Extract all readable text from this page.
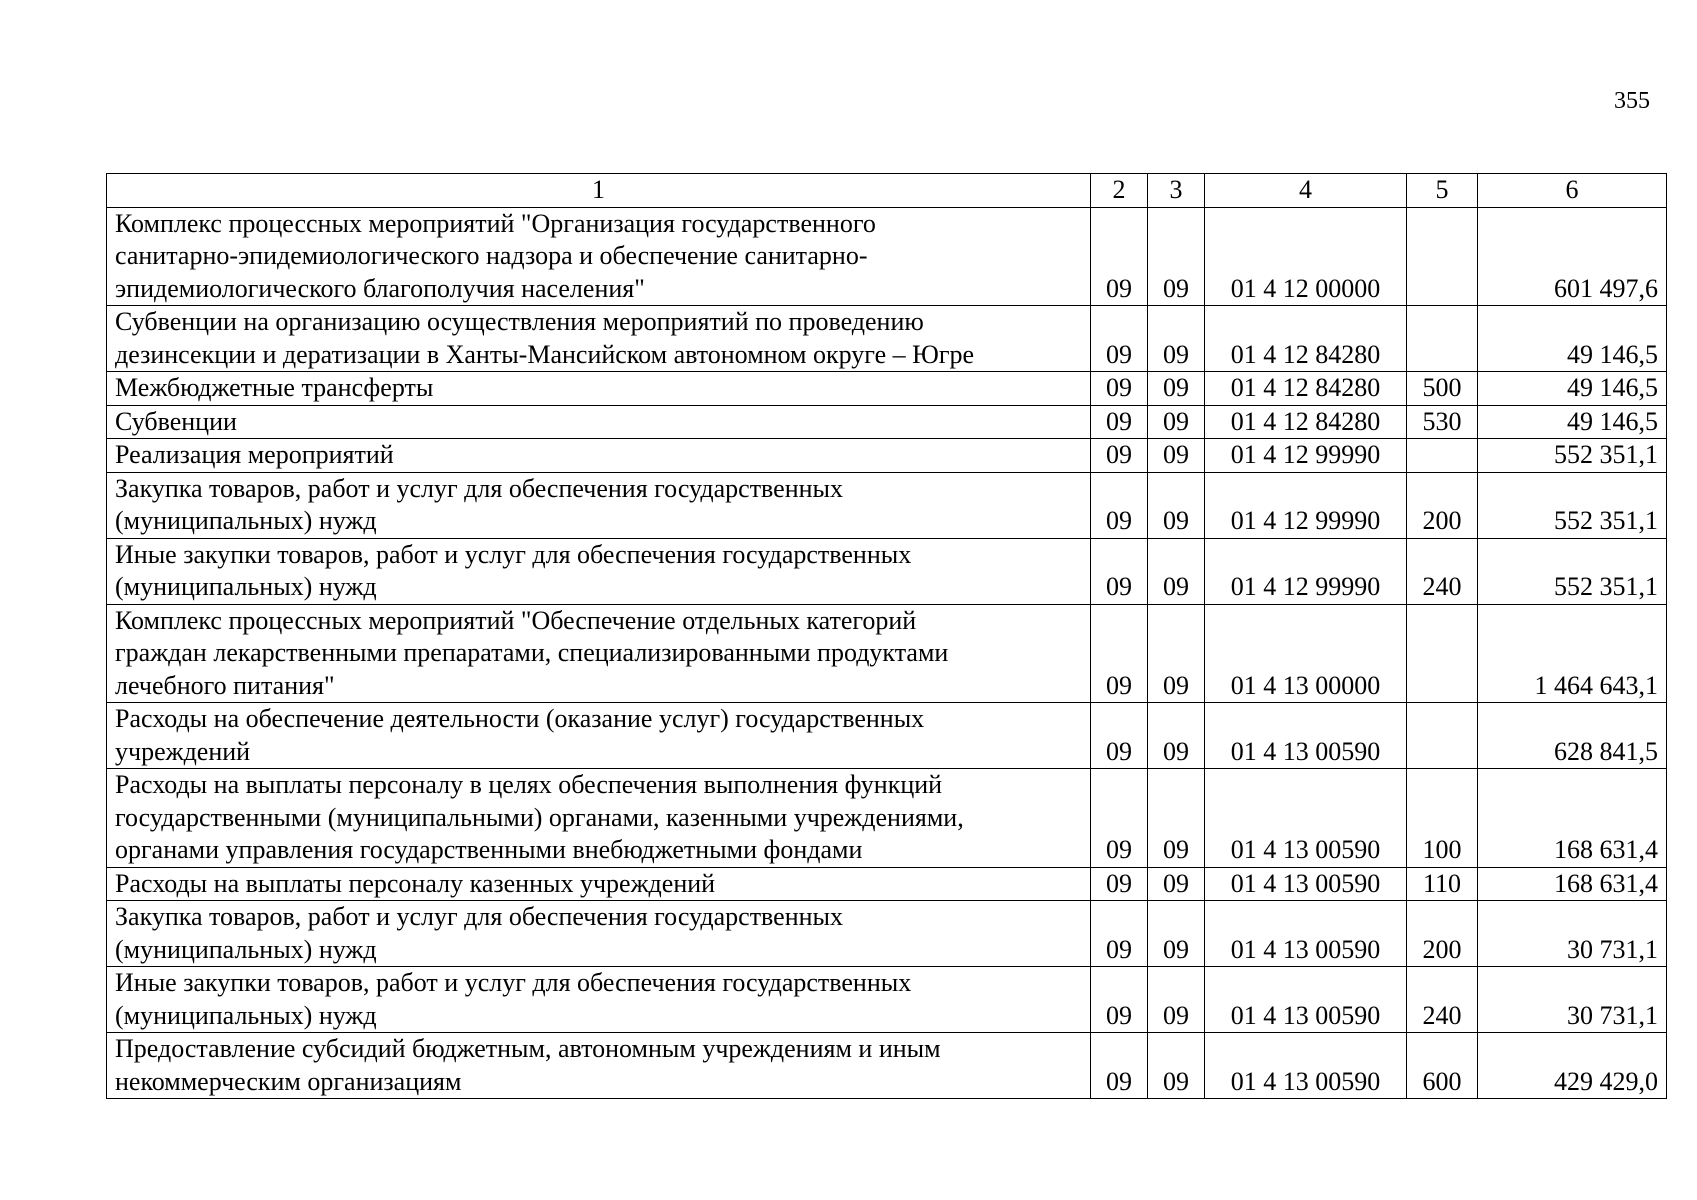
355
1	2	3	4	5	6

Комплекс процессных мероприятий "Организация государственного
санитарно-эпидемиологического надзора и обеспечение санитарно-
эпидемиологического благополучия населения"	09	09	01 4 12 00000		601 497,6

Субвенции на организацию осуществления мероприятий по проведению
дезинсекции и дератизации в Ханты-Мансийском автономном округе – Югре	09	09	01 4 12 84280		49 146,5

Межбюджетные трансферты	09	09	01 4 12 84280	500	49 146,5

Субвенции	09	09	01 4 12 84280	530	49 146,5

Реализация мероприятий	09	09	01 4 12 99990		552 351,1

Закупка товаров, работ и услуг для обеспечения государственных
(муниципальных) нужд	09	09	01 4 12 99990	200	552 351,1

Иные закупки товаров, работ и услуг для обеспечения государственных
(муниципальных) нужд	09	09	01 4 12 99990	240	552 351,1

Комплекс процессных мероприятий "Обеспечение отдельных категорий
граждан лекарственными препаратами, специализированными продуктами
лечебного питания"	09	09	01 4 13 00000		1 464 643,1

Расходы на обеспечение деятельности (оказание услуг) государственных
учреждений	09	09	01 4 13 00590		628 841,5

Расходы на выплаты персоналу в целях обеспечения выполнения функций
государственными (муниципальными) органами, казенными учреждениями,
органами управления государственными внебюджетными фондами	09	09	01 4 13 00590	100	168 631,4

Расходы на выплаты персоналу казенных учреждений	09	09	01 4 13 00590	110	168 631,4

Закупка товаров, работ и услуг для обеспечения государственных
(муниципальных) нужд	09	09	01 4 13 00590	200	30 731,1

Иные закупки товаров, работ и услуг для обеспечения государственных
(муниципальных) нужд	09	09	01 4 13 00590	240	30 731,1

Предоставление субсидий бюджетным, автономным учреждениям и иным
некоммерческим организациям	09	09	01 4 13 00590	600	429 429,0
